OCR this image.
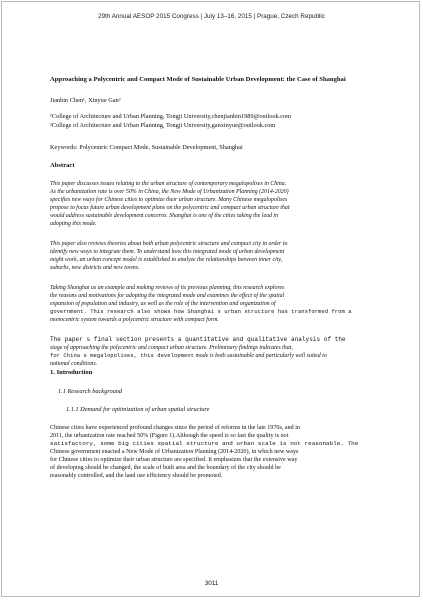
29th Annual AESOP 2015 Congress | July 13–16, 2015 | Prague, Czech Republic
Approaching a Polycentric and Compact Mode of Sustainable Urban Development: the Case of Shanghai
Jianbin Chen¹, Xinyue Gan²
¹College of Architecture and Urban Planning, Tongji University,chenjianbin1989@outlook.com
²College of Architecture and Urban Planning, Tongji University,ganxinyue@outlook.com
Keywords: Polycentric Compact Mode, Sustainable Development, Shanghai
Abstract
This paper discusses issues relating to the urban structure of contemporary megalopolises in China.
As the urbanization rate is over 50% in China, the New Mode of Urbanization Planning (2014-2020)
specifies new ways for Chinese cities to optimize their urban structure. Many Chinese megalopolises
propose to focus future urban development plans on the polycentric and compact urban structure that
would address sustainable development concerns. Shanghai is one of the cities taking the lead in
adopting this mode.
This paper also reviews theories about both urban polycentric structure and compact city in order to
identify new ways to integrate them. To understand how this integrated mode of urban development
might work, an urban concept model is established to analyze the relationships between inner city,
suburbs, new districts and new towns.
Taking Shanghai as an example and making reviews of its previous planning, this research explores
the reasons and motivations for adopting the integrated mode and examines the effect of the spatial
expansion of population and industry, as well as the role of the intervention and organization of
government. This research also shows how Shanghai s urban structure has transformed from a
monocentric system towards a polycentric structure with compact form.
The paper s final section presents a quantitative and qualitative analysis of the
stage of approaching the polycentric and compact urban structure. Preliminary findings indicates that,
for China s megalopolises, this development mode is both sustainable and particularly well suited to
national conditions.
1. Introduction
1.1 Research background
1.1.1 Demand for optimization of urban spatial structure
Chinese cities have experienced profound changes since the period of reforms in the late 1970s, and in
2011, the urbanization rate reached 50% (Figure 1).Although the speed is so fast the quality is not
satisfactory, some big cities spatial structure and urban scale is not reasonable. The
Chinese government enacted a New Mode of Urbanization Planning (2014-2020), in which new ways
for Chinese cities to optimize their urban structure are specified. It emphasizes that the extensive way
of developing should be changed, the scale of built area and the boundary of the city should be
reasonably controlled, and the land use efficiency should be promoted.
3011
